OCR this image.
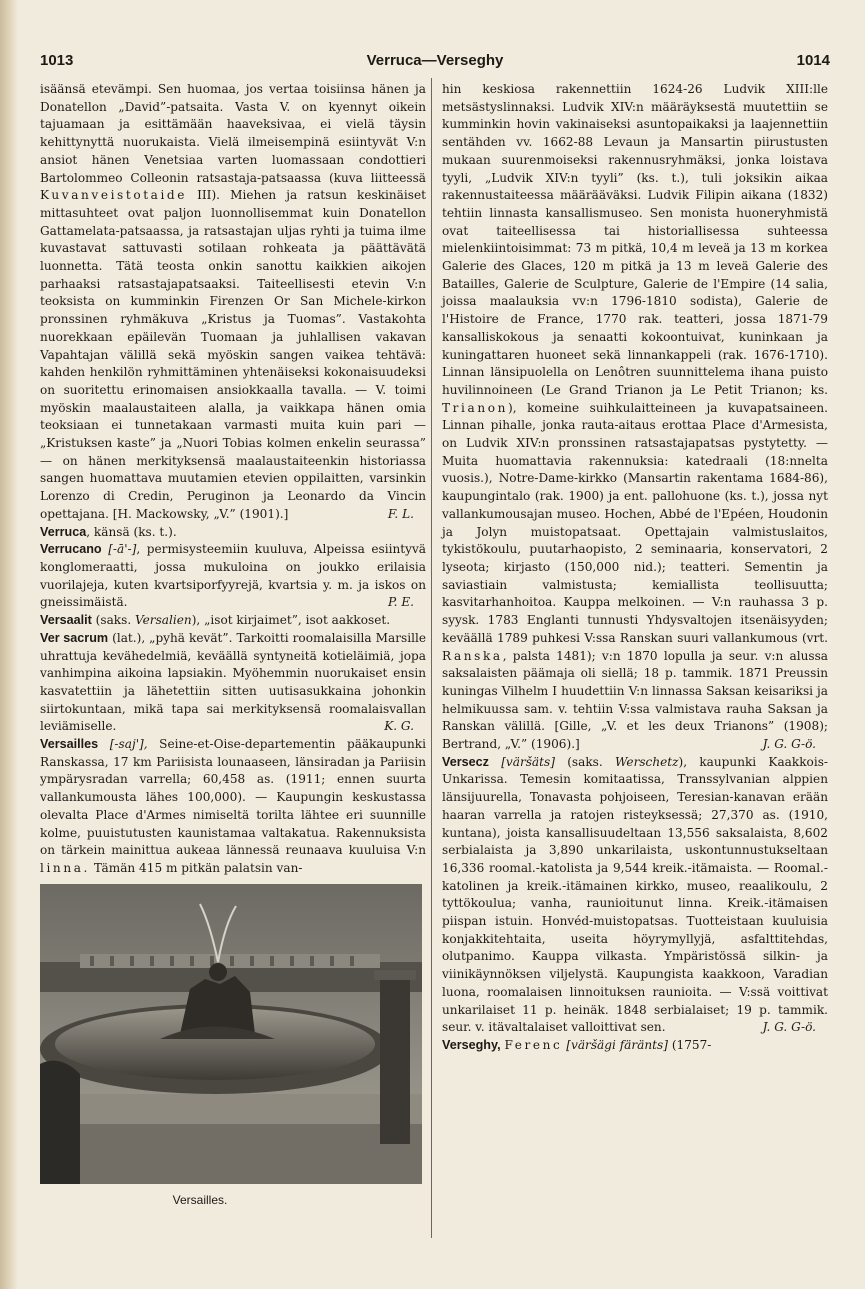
1013	Verruca—Verseghy	1014

isäänsä etevämpi. Sen huomaa, jos vertaa toisiinsa hänen ja Donatellon „David”-patsaita. Vasta V. on kyennyt oikein tajuamaan ja esittämään haaveksivaa, ei vielä täysin kehittynyttä nuorukaista. Vielä ilmeisempinä esiintyvät V:n ansiot hänen Venetsiaa varten luomassaan condottieri Bartolommeo Colleonin ratsastaja-patsaassa (kuva liitteessä Kuvanveistotaide III). Miehen ja ratsun keskinäiset mittasuhteet ovat paljon luonnollisemmat kuin Donatellon Gattamelata-patsaassa, ja ratsastajan uljas ryhti ja tuima ilme kuvastavat sattuvasti sotilaan rohkeata ja päättävätä luonnetta. Tätä teosta onkin sanottu kaikkien aikojen parhaaksi ratsastajapatsaaksi. Taiteellisesti etevin V:n teoksista on kumminkin Firenzen Or San Michele-kirkon pronssinen ryhmäkuva „Kristus ja Tuomas”. Vastakohta nuorekkaan epäilevän Tuomaan ja juhlallisen vakavan Vapahtajan välillä sekä myöskin sangen vaikea tehtävä: kahden henkilön ryhmittäminen yhtenäiseksi kokonaisuudeksi on suoritettu erinomaisen ansiokkaalla tavalla. — V. toimi myöskin maalaustaiteen alalla, ja vaikkapa hänen omia teoksiaan ei tunnetakaan varmasti muita kuin pari — „Kristuksen kaste” ja „Nuori Tobias kolmen enkelin seurassa” — on hänen merkityksensä maalaustaiteenkin historiassa sangen huomattava muutamien etevien oppilaitten, varsinkin Lorenzo di Credin, Peruginon ja Leonardo da Vincin opettajana. [H. Mackowsky, „V.” (1901).]	F. L.

Verruca, känsä (ks. t.).

Verrucano [-ā'-], permisysteemiin kuuluva, Alpeissa esiintyvä konglomeraatti, jossa mukuloina on joukko erilaisia vuorilajeja, kuten kvartsiporfyyrejä, kvartsia y. m. ja iskos on gneissimäistä.	P. E.

Versaalit (saks. Versalien), „isot kirjaimet”, isot aakkoset.

Ver sacrum (lat.), „pyhä kevät”. Tarkoitti roomalaisilla Marsille uhrattuja kevähedelmiä, keväällä syntyneitä kotieläimiä, jopa vanhimpina aikoina lapsiakin. Myöhemmin nuorukaiset ensin kasvatettiin ja lähetettiin sitten uutisasukkaina johonkin siirtokuntaan, mikä tapa sai merkityksensä roomalaisvallan leviämiselle.	K. G.

Versailles [-saj'], Seine-et-Oise-departementin pääkaupunki Ranskassa, 17 km Pariisista lounaaseen, länsiradan ja Pariisin ympärysradan varrella; 60,458 as. (1911; ennen suurta vallankumousta lähes 100,000). — Kaupungin keskustassa olevalta Place d'Armes nimiseltä torilta lähtee eri suunnille kolme, puuistutusten kaunistamaa valtakatua. Rakennuksista on tärkein mainittua aukeaa lännessä reunaava kuuluisa V:n linna. Tämän 415 m pitkän palatsin van-

Versailles.

hin keskiosa rakennettiin 1624-26 Ludvik XIII:lle metsästyslinnaksi. Ludvik XIV:n määräyksestä muutettiin se kumminkin hovin vakinaiseksi asuntopaikaksi ja laajennettiin sentähden vv. 1662-88 Levaun ja Mansartin piirustusten mukaan suurenmoiseksi rakennusryhmäksi, jonka loistava tyyli, „Ludvik XIV:n tyyli” (ks. t.), tuli joksikin aikaa rakennustaiteessa määrääväksi. Ludvik Filipin aikana (1832) tehtiin linnasta kansallismuseo. Sen monista huoneryhmistä ovat taiteellisessa tai historiallisessa suhteessa mielenkiintoisimmat: 73 m pitkä, 10,4 m leveä ja 13 m korkea Galerie des Glaces, 120 m pitkä ja 13 m leveä Galerie des Batailles, Galerie de Sculpture, Galerie de l'Empire (14 salia, joissa maalauksia vv:n 1796-1810 sodista), Galerie de l'Histoire de France, 1770 rak. teatteri, jossa 1871-79 kansalliskokous ja senaatti kokoontuivat, kuninkaan ja kuningattaren huoneet sekä linnankappeli (rak. 1676-1710). Linnan länsipuolella on Lenôtren suunnittelema ihana puisto huvilinnoineen (Le Grand Trianon ja Le Petit Trianon; ks. Trianon), komeine suihkulaitteineen ja kuvapatsaineen. Linnan pihalle, jonka rauta-aitaus erottaa Place d'Armesista, on Ludvik XIV:n pronssinen ratsastajapatsas pystytetty. — Muita huomattavia rakennuksia: katedraali (18:nnelta vuosis.), Notre-Dame-kirkko (Mansartin rakentama 1684-86), kaupungintalo (rak. 1900) ja ent. pallohuone (ks. t.), jossa nyt vallankumousajan museo. Hochen, Abbé de l'Epéen, Houdonin ja Jolyn muistopatsaat. Opettajain valmistuslaitos, tykistökoulu, puutarhaopisto, 2 seminaaria, konservatori, 2 lyseota; kirjasto (150,000 nid.); teatteri. Sementin ja saviastiain valmistusta; kemiallista teollisuutta; kasvitarhanhoitoa. Kauppa melkoinen. — V:n rauhassa 3 p. syysk. 1783 Englanti tunnusti Yhdysvaltojen itsenäisyyden; keväällä 1789 puhkesi V:ssa Ranskan suuri vallankumous (vrt. Ranska, palsta 1481); v:n 1870 lopulla ja seur. v:n alussa saksalaisten päämaja oli siellä; 18 p. tammik. 1871 Preussin kuningas Vilhelm I huudettiin V:n linnassa Saksan keisariksi ja helmikuussa sam. v. tehtiin V:ssa valmistava rauha Saksan ja Ranskan välillä. [Gille, „V. et les deux Trianons” (1908); Bertrand, „V.” (1906).]	J. G. G-ö.

Versecz [väršäts] (saks. Werschetz), kaupunki Kaakkois-Unkarissa. Temesin komitaatissa, Transsylvanian alppien länsijuurella, Tonavasta pohjoiseen, Teresian-kanavan erään haaran varrella ja ratojen risteyksessä; 27,370 as. (1910, kuntana), joista kansallisuudeltaan 13,556 saksalaista, 8,602 serbialaista ja 3,890 unkarilaista, uskontunnustukseltaan 16,336 roomal.-katolista ja 9,544 kreik.-itämaista. — Roomal.-katolinen ja kreik.-itämainen kirkko, museo, reaalikoulu, 2 tyttökoulua; vanha, raunioitunut linna. Kreik.-itämaisen piispan istuin. Honvéd-muistopatsas. Tuotteistaan kuuluisia konjakkitehtaita, useita höyrymyllyjä, asfalttitehdas, olutpanimo. Kauppa vilkasta. Ympäristössä silkin- ja viinikäynnöksen viljelystä. Kaupungista kaakkoon, Varadian luona, roomalaisen linnoituksen raunioita. — V:ssä voittivat unkarilaiset 11 p. heinäk. 1848 serbialaiset; 19 p. tammik. seur. v. itävaltalaiset valloittivat sen.	J. G. G-ö.

Verseghy, Ferenc [väršägi färänts] (1757-
